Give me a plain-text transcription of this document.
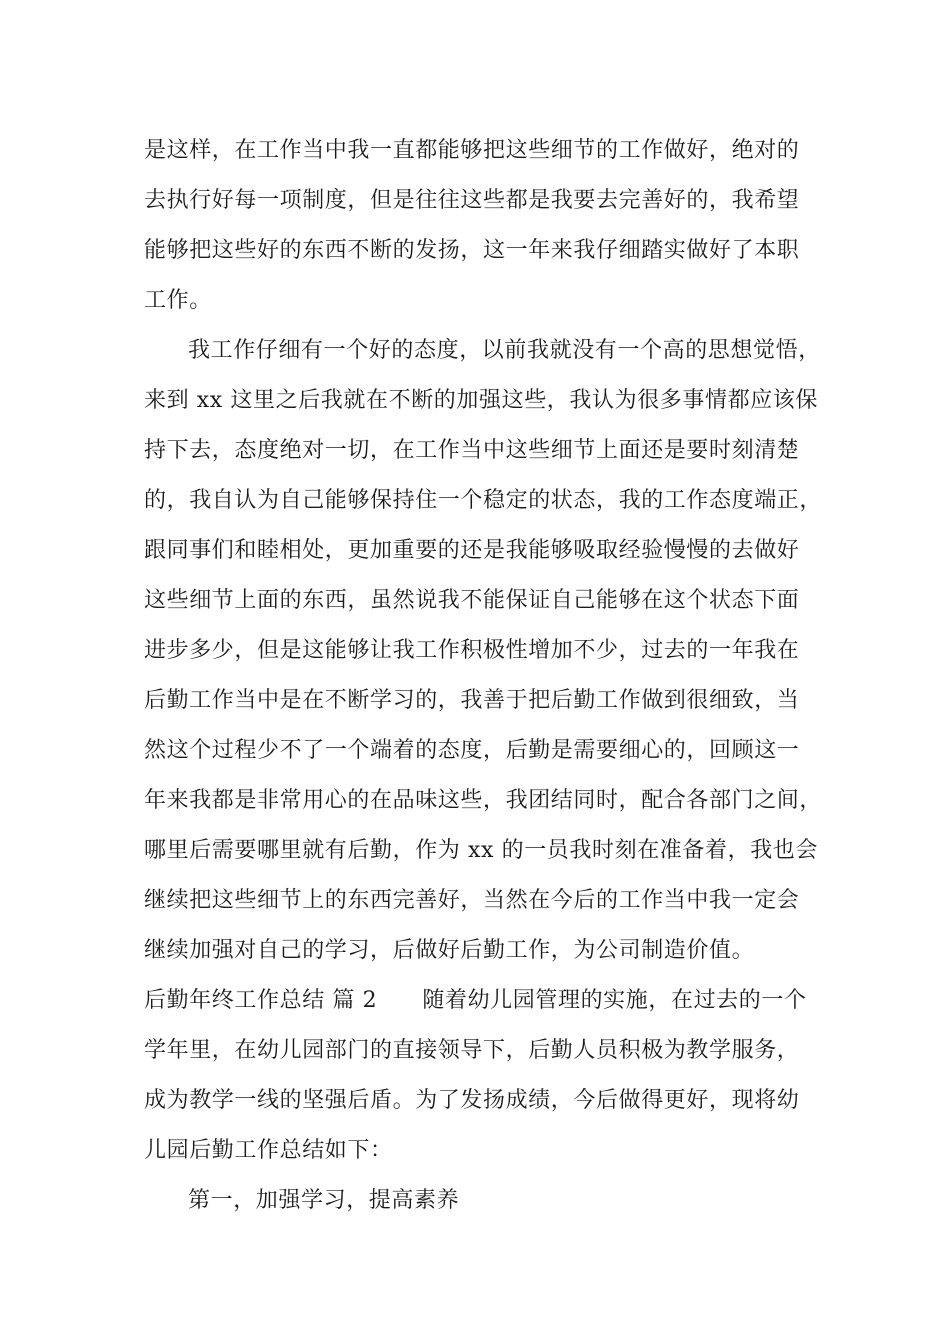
是这样，在工作当中我一直都能够把这些细节的工作做好，绝对的
去执行好每一项制度，但是往往这些都是我要去完善好的，我希望
能够把这些好的东西不断的发扬，这一年来我仔细踏实做好了本职
工作。
我工作仔细有一个好的态度，以前我就没有一个高的思想觉悟，
来到 xx 这里之后我就在不断的加强这些，我认为很多事情都应该保
持下去，态度绝对一切，在工作当中这些细节上面还是要时刻清楚
的，我自认为自己能够保持住一个稳定的状态，我的工作态度端正，
跟同事们和睦相处，更加重要的还是我能够吸取经验慢慢的去做好
这些细节上面的东西，虽然说我不能保证自己能够在这个状态下面
进步多少，但是这能够让我工作积极性增加不少，过去的一年我在
后勤工作当中是在不断学习的，我善于把后勤工作做到很细致，当
然这个过程少不了一个端着的态度，后勤是需要细心的，回顾这一
年来我都是非常用心的在品味这些，我团结同时，配合各部门之间，
哪里后需要哪里就有后勤，作为 xx 的一员我时刻在准备着，我也会
继续把这些细节上的东西完善好，当然在今后的工作当中我一定会
继续加强对自己的学习，后做好后勤工作，为公司制造价值。
后勤年终工作总结 篇 2　　随着幼儿园管理的实施，在过去的一个
学年里，在幼儿园部门的直接领导下，后勤人员积极为教学服务，
成为教学一线的坚强后盾。为了发扬成绩，今后做得更好，现将幼
儿园后勤工作总结如下：
第一，加强学习，提高素养
